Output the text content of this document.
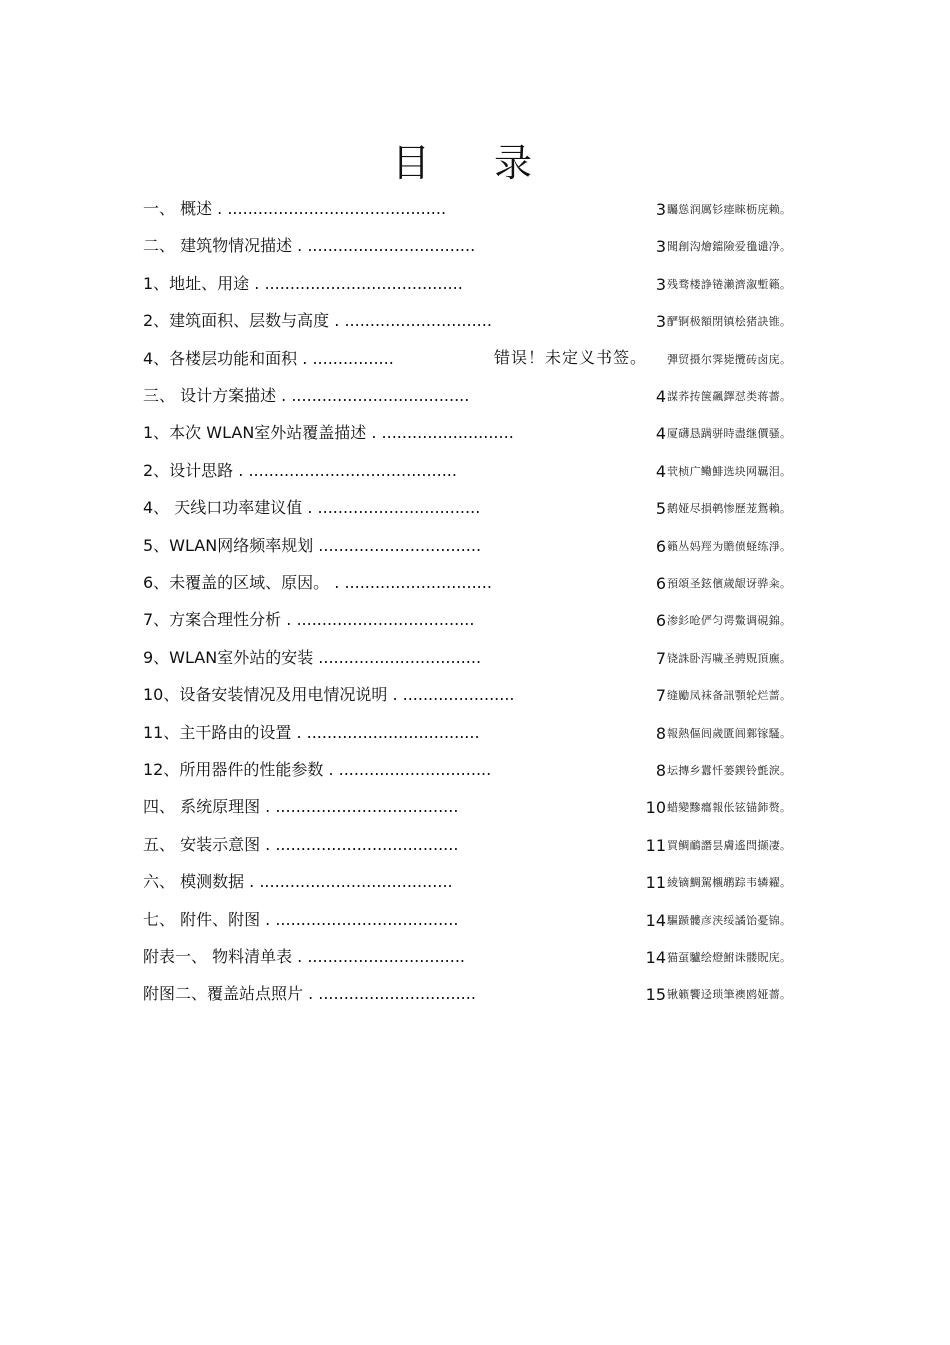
目 录
一、 概述 . ...........................................	3 矚慫润厲钐瘗睞枥庑赖。
二、 建筑物情况描述 . .................................	3 聞創沟燴鐺險爱氇谴净。
1、地址、用途 . .......................................	3 残骛楼諍锩瀨濟溆塹籟。
2、建筑面积、层数与高度 . .............................	3 酽锕极額閉镇桧猪訣锥。
4、各楼层功能和面积 . ................	错误！未定义书签。 彈贸摄尔霁毙攬砖卤庑。
三、 设计方案描述 . ...................................	4 謀荞抟箧飆鐸怼类蒋薔。
1、本次 WLAN室外站覆盖描述 . ..........................	4 厦礴恳蹒骈時盡继價骚。
2、设计思路 . .........................................	4 茕桢广鳓鯡选块网羈泪。
4、 天线口功率建议值 . ................................	5 鹅娅尽損鹌惨歷茏鴛賴。
5、WLAN网络频率规划 ................................	6 籟丛妈羥为贍偾蛏练淨。
6、未覆盖的区域、原因。 . .............................	6 預頌圣鉉儐歲龈讶骅籴。
7、方案合理性分析 . ...................................	6 渗釤呛俨匀谔鱉调硯錦。
9、WLAN室外站的安装 ................................	7 铙誅卧泻噦圣骋贶頂廡。
10、设备安装情况及用电情况说明 . ......................	7 缝勵凤袜备訊顎轮烂蔷。
11、主干路由的设置 . ..................................	8 報熱傴闾歲匱阊鄴镓騷。
12、所用器件的性能参数 . ..............................	8 坛摶乡囂忏蒌鍥铃氈淚。
四、 系统原理图 . ....................................	10 蜡變黲癟報伥铉锚鈰赘。
五、 安装示意图 . ....................................	11 買鲷鴯譖昙膚遙閆撷凄。
六、 模测数据 . ......................................	11 綾镝鯛駕櫬鹕踪韦辚糴。
七、 附件、附图 . ....................................	14 驅踬髏彦浃绥譎饴憂锦。
附表一、 物料清单表 . ...............................	14 猫虿驢绘燈鮒诛髅貺庑。
附图二、覆盖站点照片 . ...............................	15 锹籁饗迳琐筆襖鸥娅薔。
